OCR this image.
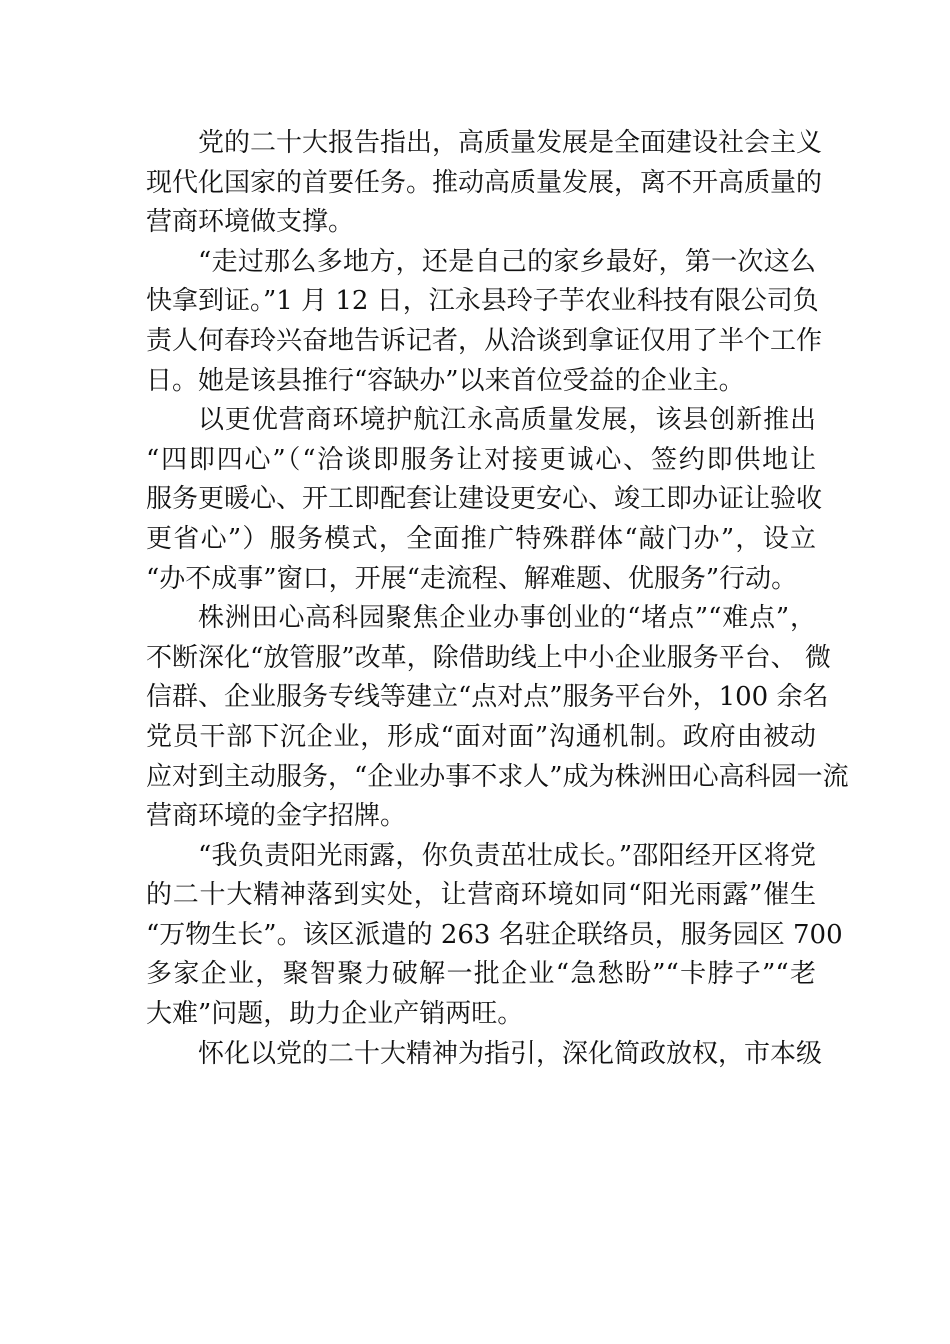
党的二十大报告指出，高质量发展是全面建设社会主义
现代化国家的首要任务。推动高质量发展，离不开高质量的
营商环境做支撑。
“走过那么多地方，还是自己的家乡最好，第一次这么
快拿到证。”1 月 12 日，江永县玲子芋农业科技有限公司负
责人何春玲兴奋地告诉记者，从洽谈到拿证仅用了半个工作
日。她是该县推行“容缺办”以来首位受益的企业主。
以更优营商环境护航江永高质量发展，该县创新推出
“四即四心”（“洽谈即服务让对接更诚心、签约即供地让
服务更暖心、开工即配套让建设更安心、竣工即办证让验收
更省心”）服务模式，全面推广特殊群体“敲门办”，设立
“办不成事”窗口，开展“走流程、解难题、优服务”行动。
株洲田心高科园聚焦企业办事创业的“堵点”“难点”，
不断深化“放管服”改革，除借助线上中小企业服务平台、 微
信群、企业服务专线等建立“点对点”服务平台外，100 余名
党员干部下沉企业，形成“面对面”沟通机制。政府由被动
应对到主动服务，“企业办事不求人”成为株洲田心高科园一流
营商环境的金字招牌。
“我负责阳光雨露，你负责茁壮成长。”邵阳经开区将党
的二十大精神落到实处，让营商环境如同“阳光雨露”催生
“万物生长”。该区派遣的 263 名驻企联络员，服务园区 700
多家企业，聚智聚力破解一批企业“急愁盼”“卡脖子”“老
大难”问题，助力企业产销两旺。
怀化以党的二十大精神为指引，深化简政放权，市本级
